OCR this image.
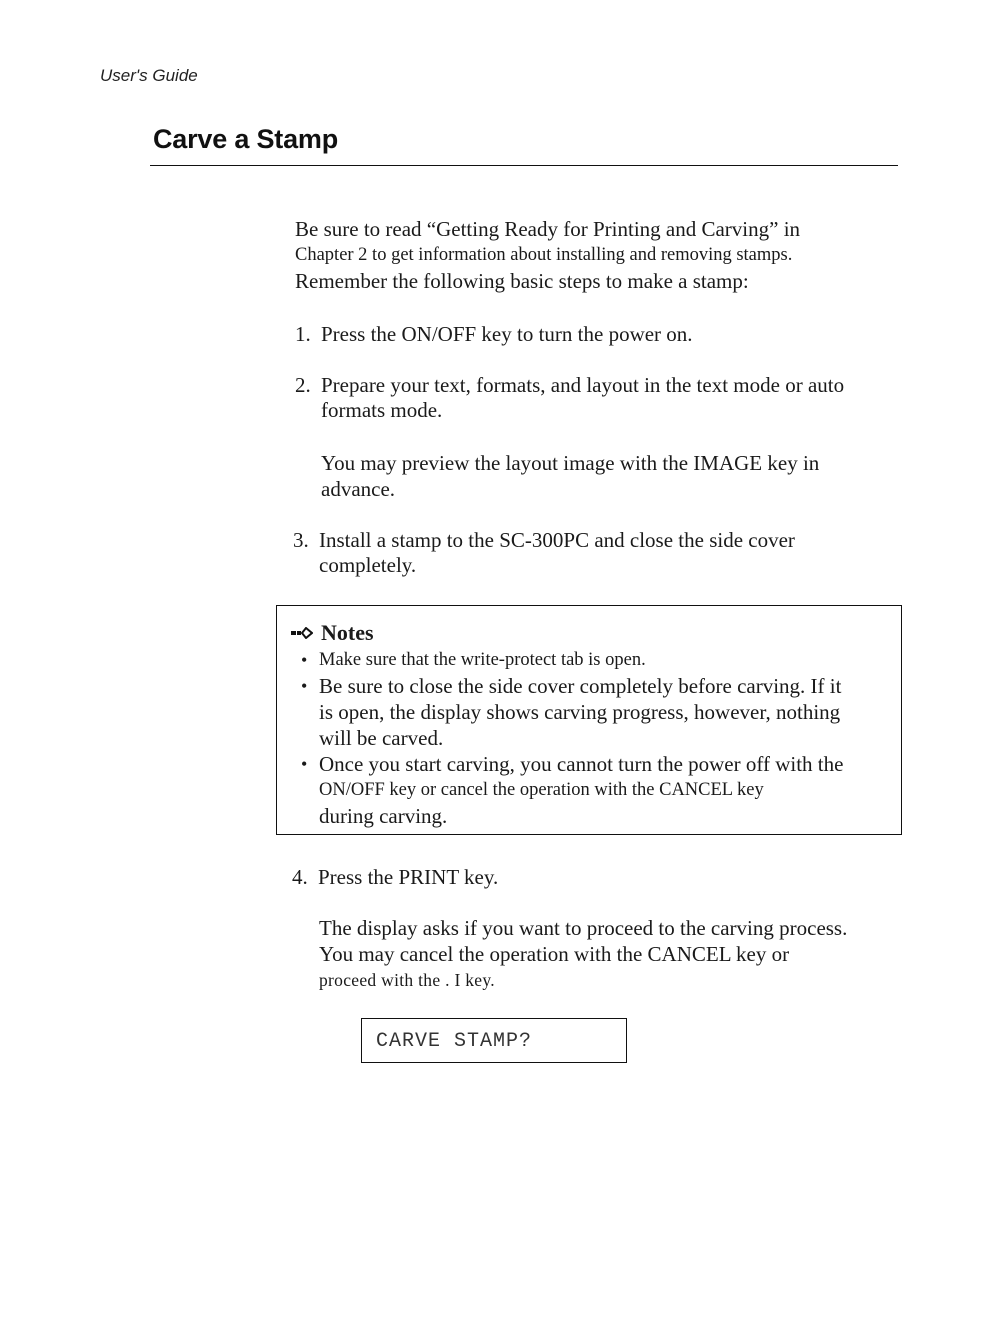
User's Guide
Carve a Stamp
Be sure to read “Getting Ready for Printing and Carving” in
Chapter 2 to get information about installing and removing stamps.
Remember the following basic steps to make a stamp:
1. Press the ON/OFF key to turn the power on.
2. Prepare your text, formats, and layout in the text mode or auto
formats mode.
You may preview the layout image with the IMAGE key in
advance.
3. Install a stamp to the SC-300PC and close the side cover
completely.
Notes
• Make sure that the write-protect tab is open.
• Be sure to close the side cover completely before carving. If it
is open, the display shows carving progress, however, nothing
will be carved.
• Once you start carving, you cannot turn the power off with the
ON/OFF key or cancel the operation with the CANCEL key
during carving.
4. Press the PRINT key.
The display asks if you want to proceed to the carving process.
You may cancel the operation with the CANCEL key or
proceed with the . I key.
CARVE STAMP?
